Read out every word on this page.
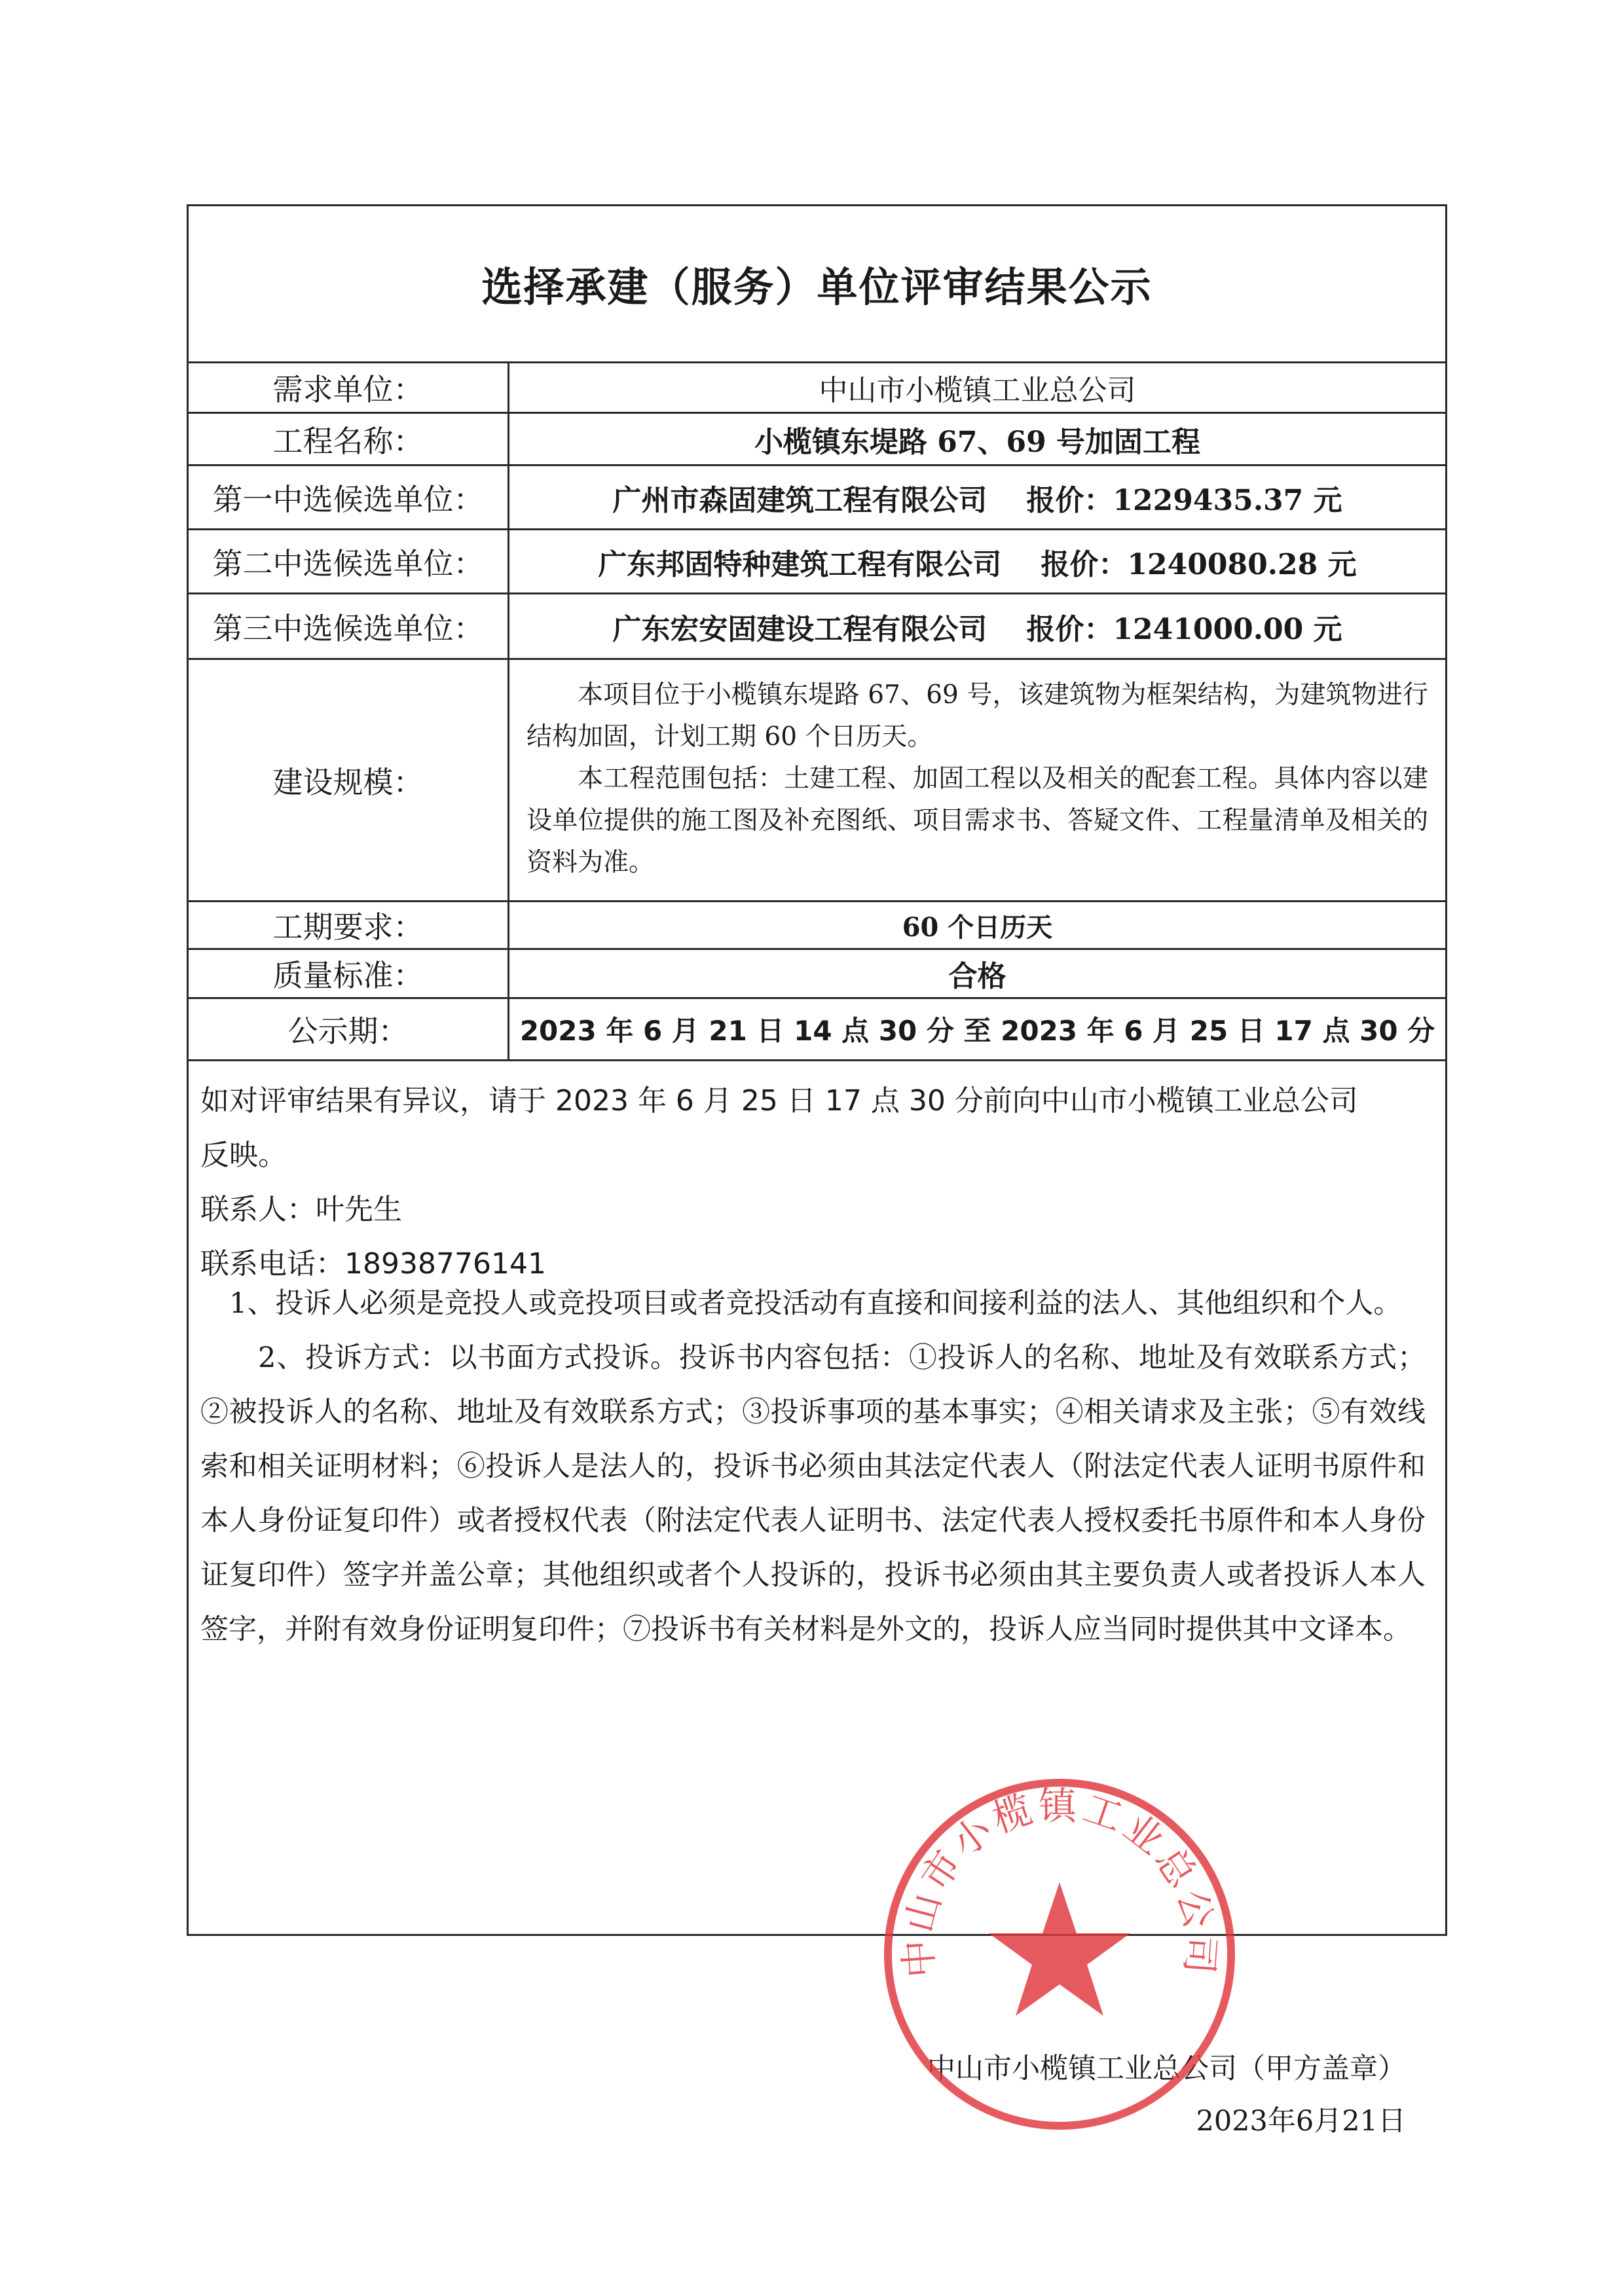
选择承建（服务）单位评审结果公示
需求单位：	中山市小榄镇工业总公司
工程名称：	小榄镇东堤路 67、69 号加固工程
第一中选候选单位：	广州市森固建筑工程有限公司 报价：1229435.37 元
第二中选候选单位：	广东邦固特种建筑工程有限公司 报价：1240080.28 元
第三中选候选单位：	广东宏安固建设工程有限公司 报价：1241000.00 元
建设规模：

本项目位于小榄镇东堤路 67、69 号，该建筑物为框架结构，为建筑物进行结构加固，计划工期 60 个日历天。

本工程范围包括：土建工程、加固工程以及相关的配套工程。具体内容以建设单位提供的施工图及补充图纸、项目需求书、答疑文件、工程量清单及相关的资料为准。

工期要求：	60 个日历天
质量标准：	合格
公示期：	2023 年 6 月 21 日 14 点 30 分 至 2023 年 6 月 25 日 17 点 30 分

如对评审结果有异议，请于 2023 年 6 月 25 日 17 点 30 分前向中山市小榄镇工业总公司

反映。

联系人：叶先生

联系电话：18938776141

1、投诉人必须是竞投人或竞投项目或者竞投活动有直接和间接利益的法人、其他组织和个人。

2、投诉方式：以书面方式投诉。投诉书内容包括：①投诉人的名称、地址及有效联系方式；②被投诉人的名称、地址及有效联系方式；③投诉事项的基本事实；④相关请求及主张；⑤有效线索和相关证明材料；⑥投诉人是法人的，投诉书必须由其法定代表人（附法定代表人证明书原件和本人身份证复印件）或者授权代表（附法定代表人证明书、法定代表人授权委托书原件和本人身份证复印件）签字并盖公章；其他组织或者个人投诉的，投诉书必须由其主要负责人或者投诉人本人签字，并附有效身份证明复印件；⑦投诉书有关材料是外文的，投诉人应当同时提供其中文译本。

中山市小榄镇工业总公司（甲方盖章）
2023年6月21日
中山市小榄镇工业总公司
